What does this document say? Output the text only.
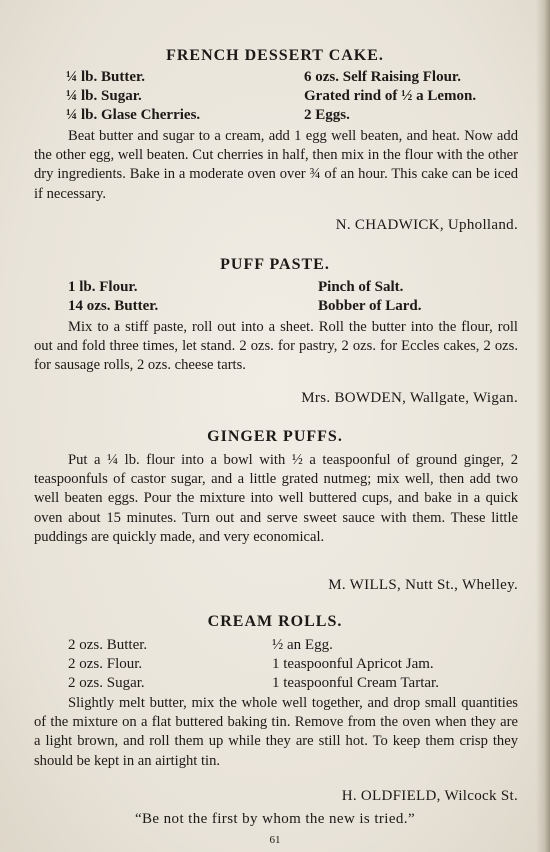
FRENCH DESSERT CAKE.
¼ lb. Butter.
¼ lb. Sugar.
¼ lb. Glase Cherries.
6 ozs. Self Raising Flour.
Grated rind of ½ a Lemon.
2 Eggs.

Beat butter and sugar to a cream, add 1 egg well beaten, and heat. Now add the other egg, well beaten. Cut cherries in half, then mix in the flour with the other dry ingredients. Bake in a moderate oven over ¾ of an hour. This cake can be iced if necessary.

N. CHADWICK, Upholland.
PUFF PASTE.
1 lb. Flour.
14 ozs. Butter.
Pinch of Salt.
Bobber of Lard.

Mix to a stiff paste, roll out into a sheet. Roll the butter into the flour, roll out and fold three times, let stand. 2 ozs. for pastry, 2 ozs. for Eccles cakes, 2 ozs. for sausage rolls, 2 ozs. cheese tarts.

Mrs. BOWDEN, Wallgate, Wigan.
GINGER PUFFS.

Put a ¼ lb. flour into a bowl with ½ a teaspoonful of ground ginger, 2 teaspoonfuls of castor sugar, and a little grated nutmeg; mix well, then add two well beaten eggs. Pour the mixture into well buttered cups, and bake in a quick oven about 15 minutes. Turn out and serve sweet sauce with them. These little puddings are quickly made, and very economical.

M. WILLS, Nutt St., Whelley.
CREAM ROLLS.
2 ozs. Butter.
2 ozs. Flour.
2 ozs. Sugar.
½ an Egg.
1 teaspoonful Apricot Jam.
1 teaspoonful Cream Tartar.

Slightly melt butter, mix the whole well together, and drop small quantities of the mixture on a flat buttered baking tin. Remove from the oven when they are a light brown, and roll them up while they are still hot. To keep them crisp they should be kept in an airtight tin.

H. OLDFIELD, Wilcock St.
“Be not the first by whom the new is tried.”
61
